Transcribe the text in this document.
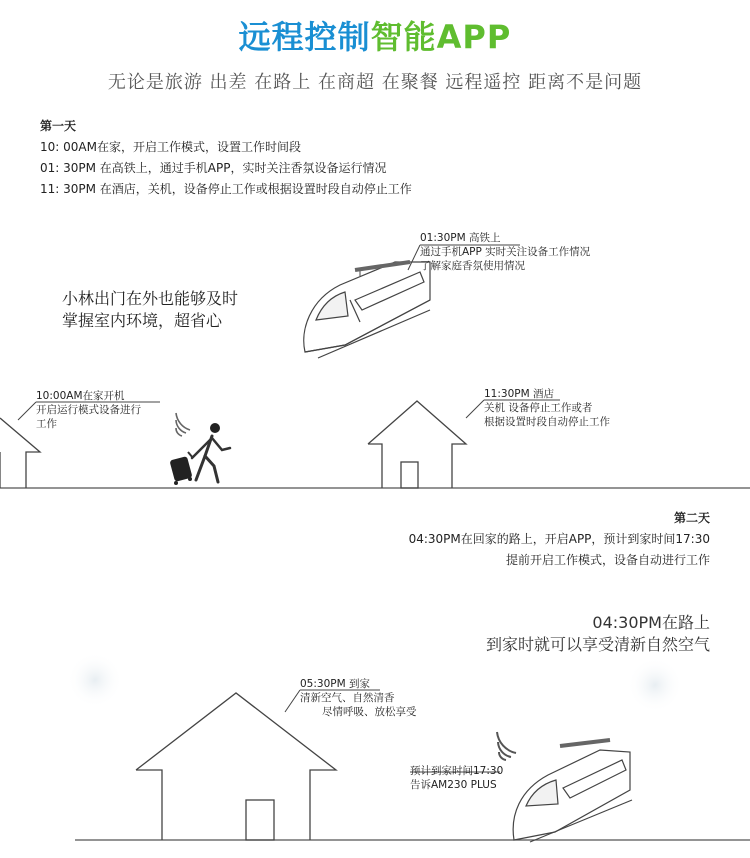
远程控制智能APP
无论是旅游 出差 在路上 在商超 在聚餐 远程遥控 距离不是问题
第一天
10: 00AM在家，开启工作模式，设置工作时间段
01: 30PM 在高铁上，通过手机APP，实时关注香氛设备运行情况
11: 30PM 在酒店，关机，设备停止工作或根据设置时段自动停止工作
小林出门在外也能够及时
掌握室内环境，超省心
01:30PM 高铁上
通过手机APP 实时关注设备工作情况
了解家庭香氛使用情况
10:00AM在家开机
开启运行模式设备进行
工作
11:30PM 酒店
关机 设备停止工作或者
根据设置时段自动停止工作
第二天
04:30PM在回家的路上，开启APP，预计到家时间17:30
提前开启工作模式，设备自动进行工作
04:30PM在路上
到家时就可以享受清新自然空气
05:30PM 到家
清新空气、自然清香
尽情呼吸、放松享受
预计到家时间17:30
告诉AM230 PLUS
